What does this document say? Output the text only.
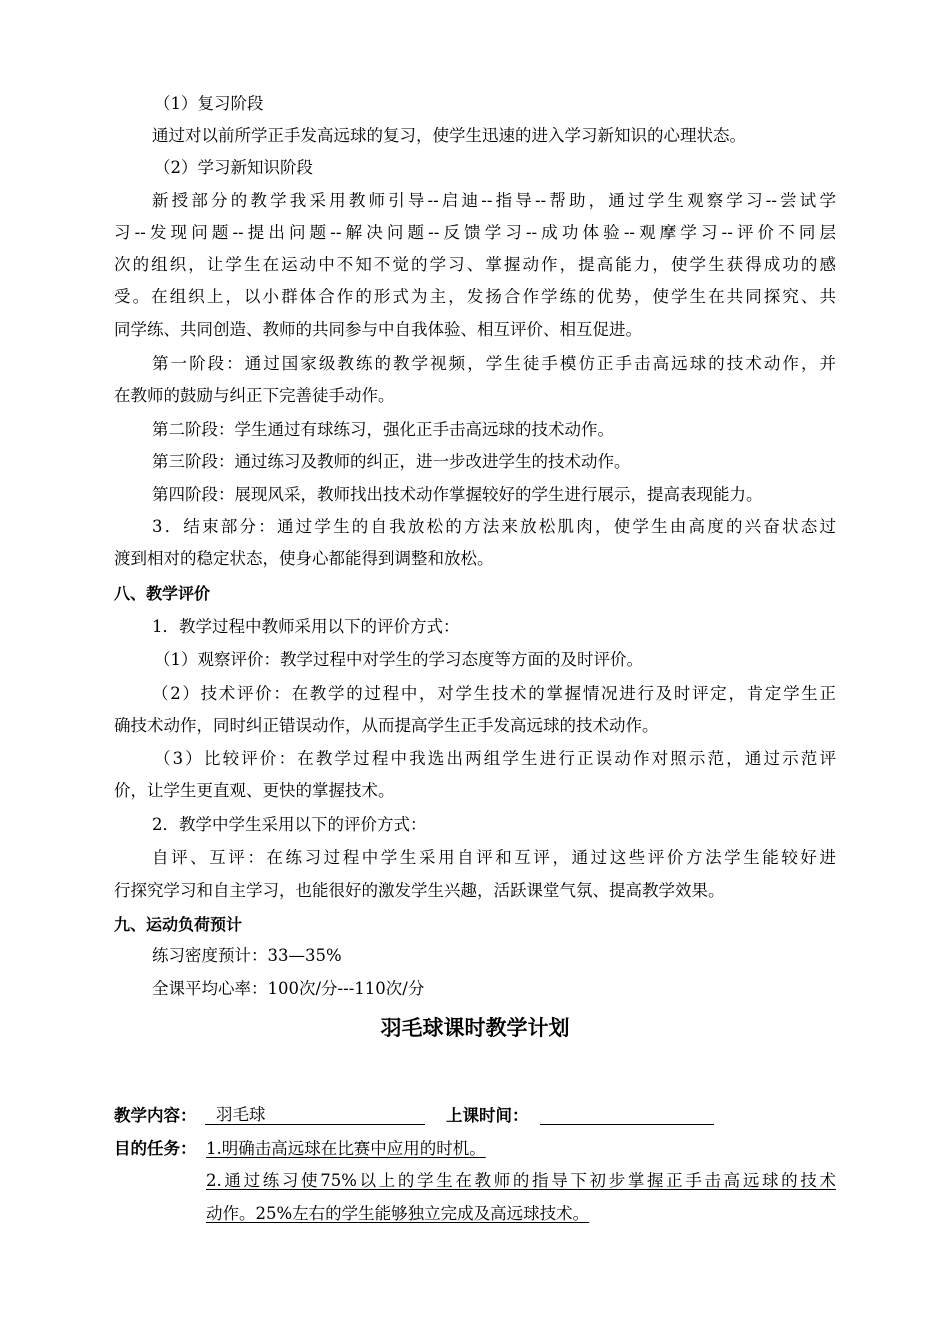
（1）复习阶段
通过对以前所学正手发高远球的复习，使学生迅速的进入学习新知识的心理状态。
（2）学习新知识阶段
新授部分的教学我采用教师引导--启迪--指导--帮助，通过学生观察学习--尝试学
习--发现问题--提出问题--解决问题--反馈学习--成功体验--观摩学习--评价不同层
次的组织，让学生在运动中不知不觉的学习、掌握动作，提高能力，使学生获得成功的感
受。在组织上，以小群体合作的形式为主，发扬合作学练的优势，使学生在共同探究、共
同学练、共同创造、教师的共同参与中自我体验、相互评价、相互促进。
第一阶段：通过国家级教练的教学视频，学生徒手模仿正手击高远球的技术动作，并
在教师的鼓励与纠正下完善徒手动作。
第二阶段：学生通过有球练习，强化正手击高远球的技术动作。
第三阶段：通过练习及教师的纠正，进一步改进学生的技术动作。
第四阶段：展现风采，教师找出技术动作掌握较好的学生进行展示，提高表现能力。
3．结束部分：通过学生的自我放松的方法来放松肌肉，使学生由高度的兴奋状态过
渡到相对的稳定状态，使身心都能得到调整和放松。
八、教学评价
1．教学过程中教师采用以下的评价方式：
（1）观察评价：教学过程中对学生的学习态度等方面的及时评价。
（2）技术评价：在教学的过程中，对学生技术的掌握情况进行及时评定，肯定学生正
确技术动作，同时纠正错误动作，从而提高学生正手发高远球的技术动作。
（3）比较评价：在教学过程中我选出两组学生进行正误动作对照示范，通过示范评
价，让学生更直观、更快的掌握技术。
2．教学中学生采用以下的评价方式：
自评、互评：在练习过程中学生采用自评和互评，通过这些评价方法学生能较好进
行探究学习和自主学习，也能很好的激发学生兴趣，活跃课堂气氛、提高教学效果。
九、运动负荷预计
练习密度预计：33—35%
全课平均心率：100次/分---110次/分
羽毛球课时教学计划
教学内容： 羽毛球	上课时间：
目的任务： 1.明确击高远球在比赛中应用的时机。
2.通过练习使75%以上的学生在教师的指导下初步掌握正手击高远球的技术
动作。25%左右的学生能够独立完成及高远球技术。
